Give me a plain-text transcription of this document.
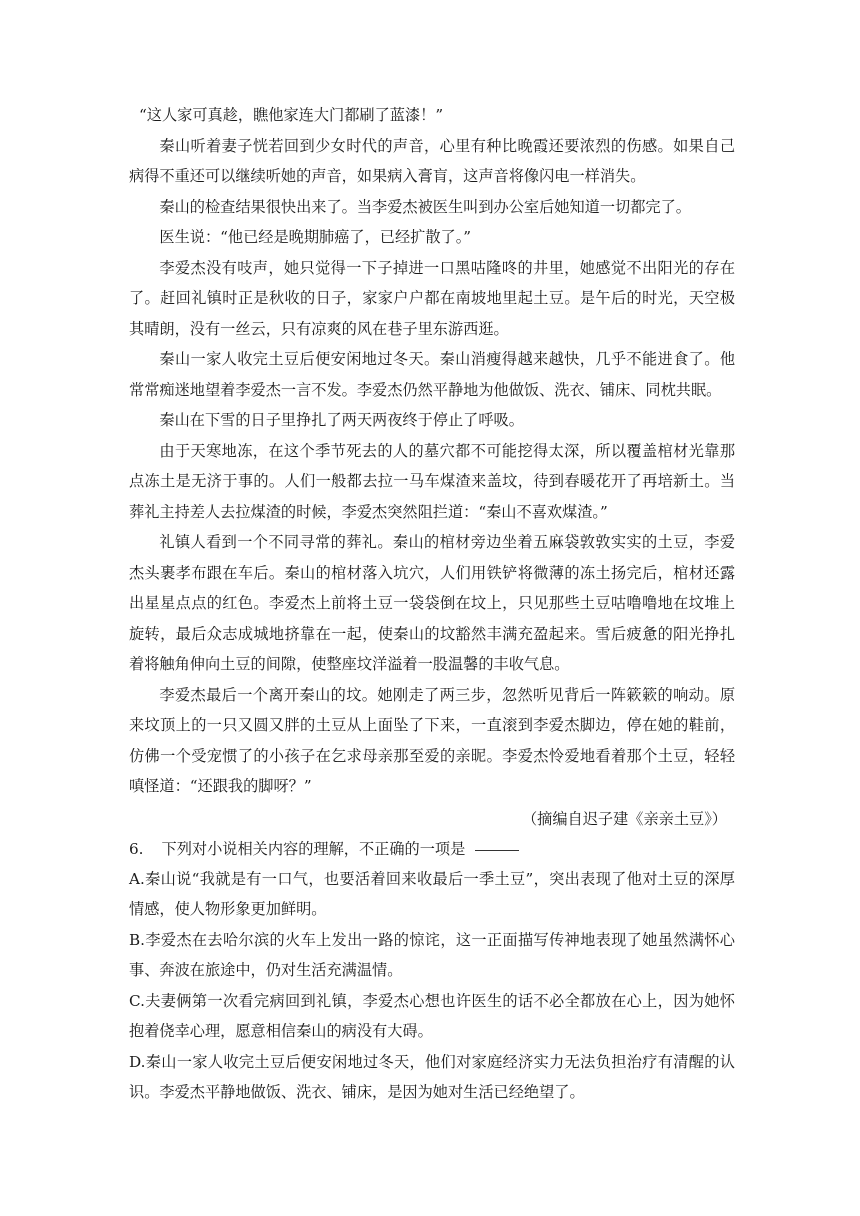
“这人家可真趁，瞧他家连大门都刷了蓝漆！”

秦山听着妻子恍若回到少女时代的声音，心里有种比晚霞还要浓烈的伤感。如果自己病得不重还可以继续听她的声音，如果病入膏肓，这声音将像闪电一样消失。

秦山的检查结果很快出来了。当李爱杰被医生叫到办公室后她知道一切都完了。

医生说：“他已经是晚期肺癌了，已经扩散了。”

李爱杰没有吱声，她只觉得一下子掉进一口黑咕隆咚的井里，她感觉不出阳光的存在了。赶回礼镇时正是秋收的日子，家家户户都在南坡地里起土豆。是午后的时光，天空极其晴朗，没有一丝云，只有凉爽的风在巷子里东游西逛。

秦山一家人收完土豆后便安闲地过冬天。秦山消瘦得越来越快，几乎不能进食了。他常常痴迷地望着李爱杰一言不发。李爱杰仍然平静地为他做饭、洗衣、铺床、同枕共眠。

秦山在下雪的日子里挣扎了两天两夜终于停止了呼吸。

由于天寒地冻，在这个季节死去的人的墓穴都不可能挖得太深，所以覆盖棺材光靠那点冻土是无济于事的。人们一般都去拉一马车煤渣来盖坟，待到春暖花开了再培新土。当葬礼主持差人去拉煤渣的时候，李爱杰突然阻拦道：“秦山不喜欢煤渣。”

礼镇人看到一个不同寻常的葬礼。秦山的棺材旁边坐着五麻袋敦敦实实的土豆，李爱杰头裹孝布跟在车后。秦山的棺材落入坑穴，人们用铁铲将微薄的冻土扬完后，棺材还露出星星点点的红色。李爱杰上前将土豆一袋袋倒在坟上，只见那些土豆咕噜噜地在坟堆上旋转，最后众志成城地挤靠在一起，使秦山的坟豁然丰满充盈起来。雪后疲惫的阳光挣扎着将触角伸向土豆的间隙，使整座坟洋溢着一股温馨的丰收气息。

李爱杰最后一个离开秦山的坟。她刚走了两三步，忽然听见背后一阵簌簌的响动。原来坟顶上的一只又圆又胖的土豆从上面坠了下来，一直滚到李爱杰脚边，停在她的鞋前，仿佛一个受宠惯了的小孩子在乞求母亲那至爱的亲昵。李爱杰怜爱地看着那个土豆，轻轻嗔怪道：“还跟我的脚呀？”

（摘编自迟子建《亲亲土豆》）

6. 下列对小说相关内容的理解，不正确的一项是

A.秦山说“我就是有一口气，也要活着回来收最后一季土豆”，突出表现了他对土豆的深厚情感，使人物形象更加鲜明。

B.李爱杰在去哈尔滨的火车上发出一路的惊诧，这一正面描写传神地表现了她虽然满怀心事、奔波在旅途中，仍对生活充满温情。

C.夫妻俩第一次看完病回到礼镇，李爱杰心想也许医生的话不必全都放在心上，因为她怀抱着侥幸心理，愿意相信秦山的病没有大碍。

D.秦山一家人收完土豆后便安闲地过冬天，他们对家庭经济实力无法负担治疗有清醒的认识。李爱杰平静地做饭、洗衣、铺床，是因为她对生活已经绝望了。
